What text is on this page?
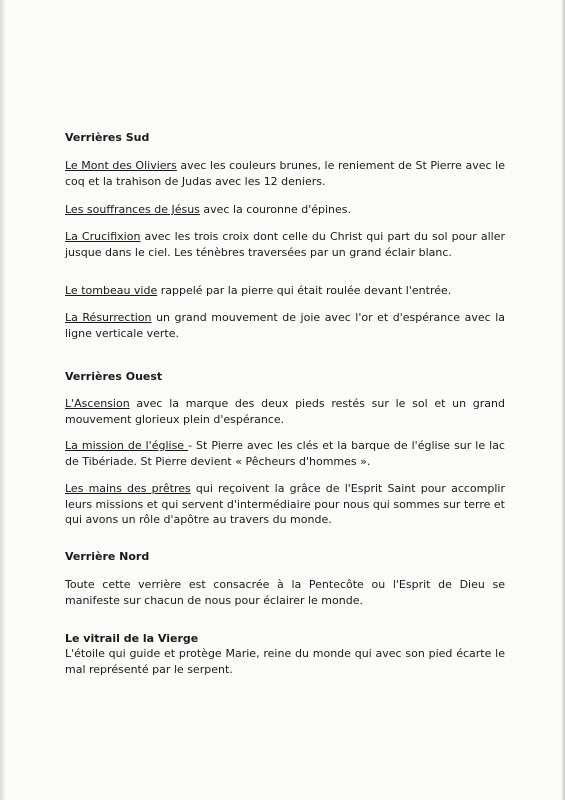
Verrières Sud
Le Mont des Oliviers avec les couleurs brunes, le reniement de St Pierre avec le coq et la trahison de Judas avec les 12 deniers.
Les souffrances de Jésus avec la couronne d'épines.
La Crucifixion avec les trois croix dont celle du Christ qui part du sol pour aller jusque dans le ciel. Les ténèbres traversées par un grand éclair blanc.
Le tombeau vide rappelé par la pierre qui était roulée devant l'entrée.
La Résurrection un grand mouvement de joie avec l'or et d'espérance avec la ligne verticale verte.
Verrières Ouest
L'Ascension avec la marque des deux pieds restés sur le sol et un grand mouvement glorieux plein d'espérance.
La mission de l'église - St Pierre avec les clés et la barque de l'église sur le lac de Tibériade. St Pierre devient « Pêcheurs d'hommes ».
Les mains des prêtres qui reçoivent la grâce de l'Esprit Saint pour accomplir leurs missions et qui servent d'intermédiaire pour nous qui sommes sur terre et qui avons un rôle d'apôtre au travers du monde.
Verrière Nord
Toute cette verrière est consacrée à la Pentecôte ou l'Esprit de Dieu se manifeste sur chacun de nous pour éclairer le monde.
Le vitrail de la Vierge
L'étoile qui guide et protège Marie, reine du monde qui avec son pied écarte le mal représenté par le serpent.
